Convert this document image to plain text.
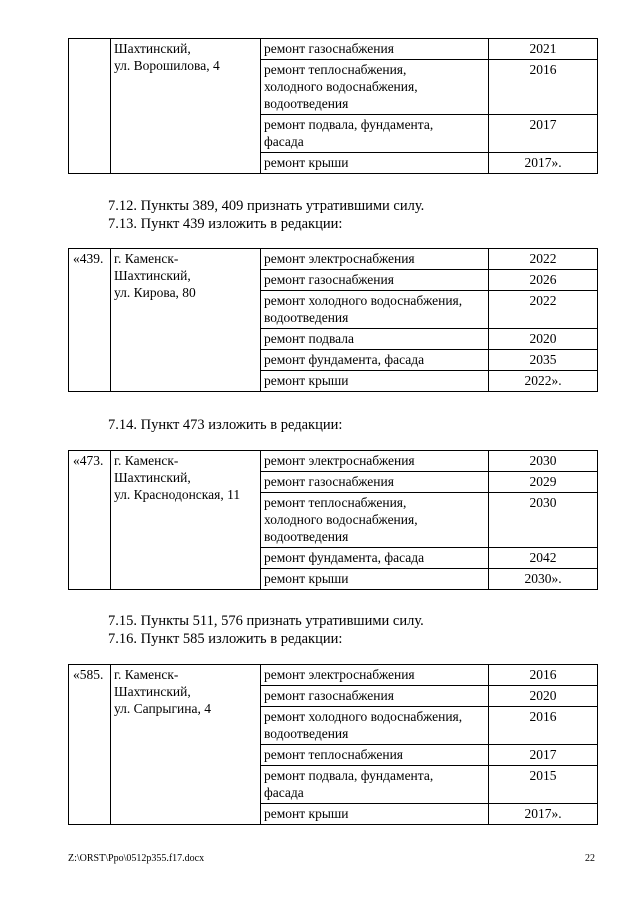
	Шахтинский,
ул. Ворошилова, 4	ремонт газоснабжения	2021
		ремонт теплоснабжения,
холодного водоснабжения,
водоотведения	2016
		ремонт подвала, фундамента,
фасада	2017
		ремонт крыши	2017».

7.12. Пункты 389, 409 признать утратившими силу.

7.13. Пункт 439 изложить в редакции:

«439.	г. Каменск-
Шахтинский,
ул. Кирова, 80	ремонт электроснабжения	2022
		ремонт газоснабжения	2026
		ремонт холодного водоснабжения,
водоотведения	2022
		ремонт подвала	2020
		ремонт фундамента, фасада	2035
		ремонт крыши	2022».

7.14. Пункт 473 изложить в редакции:

«473.	г. Каменск-
Шахтинский,
ул. Краснодонская, 11	ремонт электроснабжения	2030
		ремонт газоснабжения	2029
		ремонт теплоснабжения,
холодного водоснабжения,
водоотведения	2030
		ремонт фундамента, фасада	2042
		ремонт крыши	2030».

7.15. Пункты 511, 576 признать утратившими силу.

7.16. Пункт 585 изложить в редакции:

«585.	г. Каменск-
Шахтинский,
ул. Сапрыгина, 4	ремонт электроснабжения	2016
		ремонт газоснабжения	2020
		ремонт холодного водоснабжения,
водоотведения	2016
		ремонт теплоснабжения	2017
		ремонт подвала, фундамента,
фасада	2015
		ремонт крыши	2017».
Z:\ORST\Ppo\0512p355.f17.docx	22
